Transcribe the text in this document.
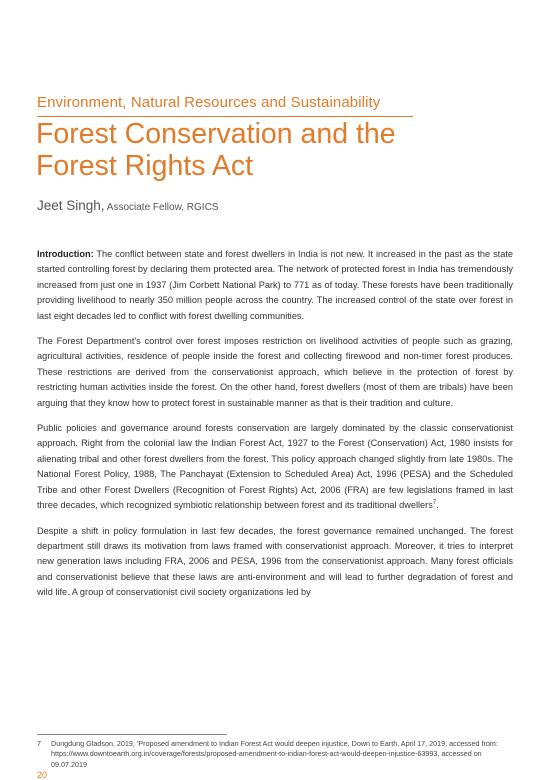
Environment, Natural Resources and Sustainability
Forest Conservation and the
Forest Rights Act
Jeet Singh, Associate Fellow, RGICS

Introduction: The conflict between state and forest dwellers in India is not new. It increased in the past as the state started controlling forest by declaring them protected area. The network of protected forest in India has tremendously increased from just one in 1937 (Jim Corbett National Park) to 771 as of today. These forests have been traditionally providing livelihood to nearly 350 million people across the country. The increased control of the state over forest in last eight decades led to conflict with forest dwelling communities.

The Forest Department's control over forest imposes restriction on livelihood activities of people such as grazing, agricultural activities, residence of people inside the forest and collecting firewood and non-timer forest produces. These restrictions are derived from the conservationist approach, which believe in the protection of forest by restricting human activities inside the forest. On the other hand, forest dwellers (most of them are tribals) have been arguing that they know how to protect forest in sustainable manner as that is their tradition and culture.

Public policies and governance around forests conservation are largely dominated by the classic conservationist approach. Right from the colonial law the Indian Forest Act, 1927 to the Forest (Conservation) Act, 1980 insists for alienating tribal and other forest dwellers from the forest. This policy approach changed slightly from late 1980s. The National Forest Policy, 1988, The Panchayat (Extension to Scheduled Area) Act, 1996 (PESA) and the Scheduled Tribe and other Forest Dwellers (Recognition of Forest Rights) Act, 2006 (FRA) are few legislations framed in last three decades, which recognized symbiotic relationship between forest and its traditional dwellers$^7$.

Despite a shift in policy formulation in last few decades, the forest governance remained unchanged. The forest department still draws its motivation from laws framed with conservationist approach. Moreover, it tries to interpret new generation laws including FRA, 2006 and PESA, 1996 from the conservationist approach. Many forest officials and conservationist believe that these laws are anti-environment and will lead to further degradation of forest and wild life. A group of conservationist civil society organizations led by

7 Dungdung Gladson, 2019, 'Proposed amendment to Indian Forest Act would deepen injustice, Down to Earth, April 17, 2019, accessed from: https://www.downtoearth.org.in/coverage/forests/proposed-amendment-to-indian-forest-act-would-deepen-injustice-63993, accessed on 09.07.2019
20
